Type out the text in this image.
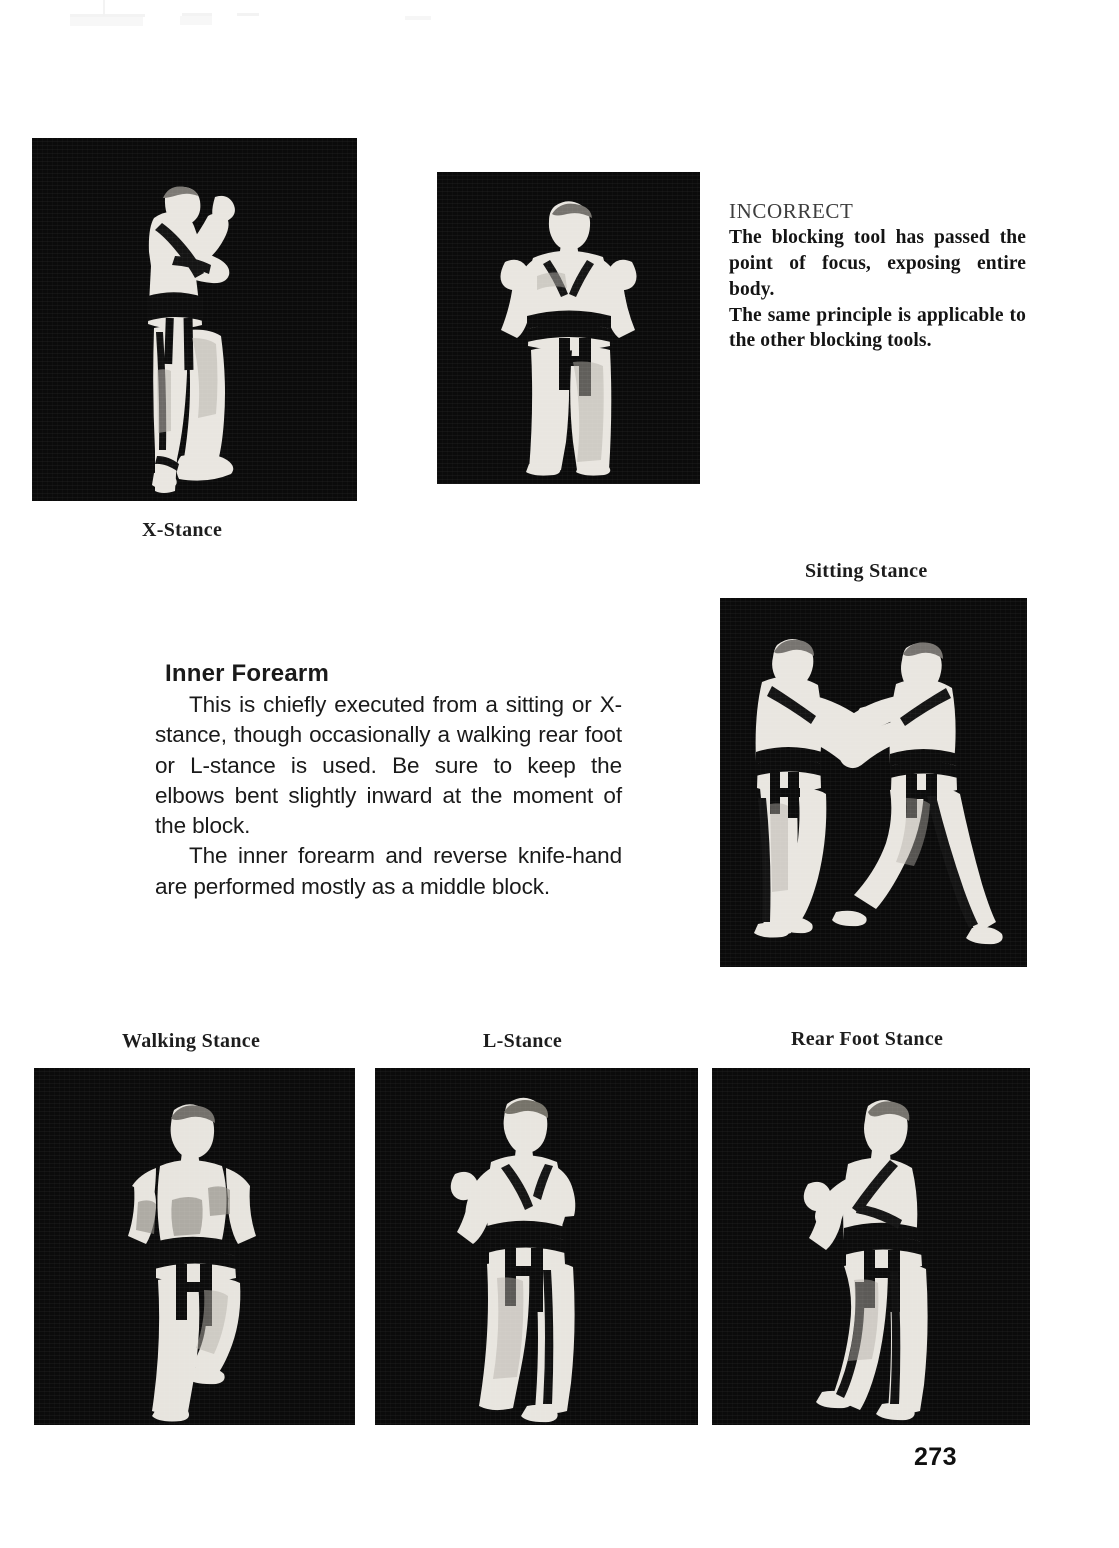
X-Stance
Sitting Stance
Walking Stance	L-Stance	Rear Foot Stance
INCORRECT
The blocking tool has passed the point of focus, exposing entire body.
The same principle is applicable to the other blocking tools.
Inner Forearm

This is chiefly executed from a sitting or X-stance, though occasionally a walking rear foot or L-stance is used. Be sure to keep the elbows bent slightly inward at the moment of the block.

The inner forearm and reverse knife-hand are performed mostly as a middle block.

273
